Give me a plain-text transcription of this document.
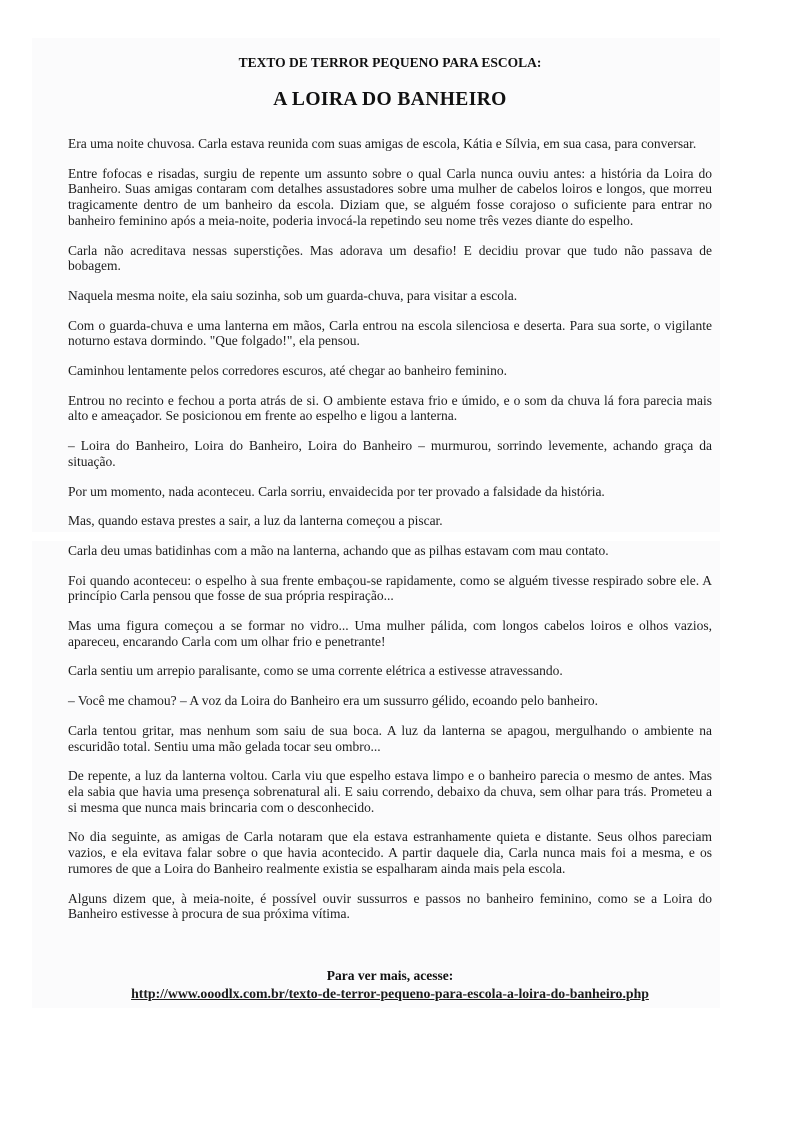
TEXTO DE TERROR PEQUENO PARA ESCOLA:

A LOIRA DO BANHEIRO

Era uma noite chuvosa. Carla estava reunida com suas amigas de escola, Kátia e Sílvia, em sua casa, para conversar.

Entre fofocas e risadas, surgiu de repente um assunto sobre o qual Carla nunca ouviu antes: a história da Loira do Banheiro. Suas amigas contaram com detalhes assustadores sobre uma mulher de cabelos loiros e longos, que morreu tragicamente dentro de um banheiro da escola. Diziam que, se alguém fosse corajoso o suficiente para entrar no banheiro feminino após a meia-noite, poderia invocá-la repetindo seu nome três vezes diante do espelho.

Carla não acreditava nessas superstições. Mas adorava um desafio! E decidiu provar que tudo não passava de bobagem.

Naquela mesma noite, ela saiu sozinha, sob um guarda-chuva, para visitar a escola.

Com o guarda-chuva e uma lanterna em mãos, Carla entrou na escola silenciosa e deserta. Para sua sorte, o vigilante noturno estava dormindo. "Que folgado!", ela pensou.

Caminhou lentamente pelos corredores escuros, até chegar ao banheiro feminino.

Entrou no recinto e fechou a porta atrás de si. O ambiente estava frio e úmido, e o som da chuva lá fora parecia mais alto e ameaçador. Se posicionou em frente ao espelho e ligou a lanterna.

– Loira do Banheiro, Loira do Banheiro, Loira do Banheiro – murmurou, sorrindo levemente, achando graça da situação.

Por um momento, nada aconteceu. Carla sorriu, envaidecida por ter provado a falsidade da história.

Mas, quando estava prestes a sair, a luz da lanterna começou a piscar.

Carla deu umas batidinhas com a mão na lanterna, achando que as pilhas estavam com mau contato.

Foi quando aconteceu: o espelho à sua frente embaçou-se rapidamente, como se alguém tivesse respirado sobre ele. A princípio Carla pensou que fosse de sua própria respiração...

Mas uma figura começou a se formar no vidro... Uma mulher pálida, com longos cabelos loiros e olhos vazios, apareceu, encarando Carla com um olhar frio e penetrante!

Carla sentiu um arrepio paralisante, como se uma corrente elétrica a estivesse atravessando.

– Você me chamou? – A voz da Loira do Banheiro era um sussurro gélido, ecoando pelo banheiro.

Carla tentou gritar, mas nenhum som saiu de sua boca. A luz da lanterna se apagou, mergulhando o ambiente na escuridão total. Sentiu uma mão gelada tocar seu ombro...

De repente, a luz da lanterna voltou. Carla viu que espelho estava limpo e o banheiro parecia o mesmo de antes. Mas ela sabia que havia uma presença sobrenatural ali. E saiu correndo, debaixo da chuva, sem olhar para trás. Prometeu a si mesma que nunca mais brincaria com o desconhecido.

No dia seguinte, as amigas de Carla notaram que ela estava estranhamente quieta e distante. Seus olhos pareciam vazios, e ela evitava falar sobre o que havia acontecido. A partir daquele dia, Carla nunca mais foi a mesma, e os rumores de que a Loira do Banheiro realmente existia se espalharam ainda mais pela escola.

Alguns dizem que, à meia-noite, é possível ouvir sussurros e passos no banheiro feminino, como se a Loira do Banheiro estivesse à procura de sua próxima vítima.

Para ver mais, acesse:

http://www.ooodlx.com.br/texto-de-terror-pequeno-para-escola-a-loira-do-banheiro.php
